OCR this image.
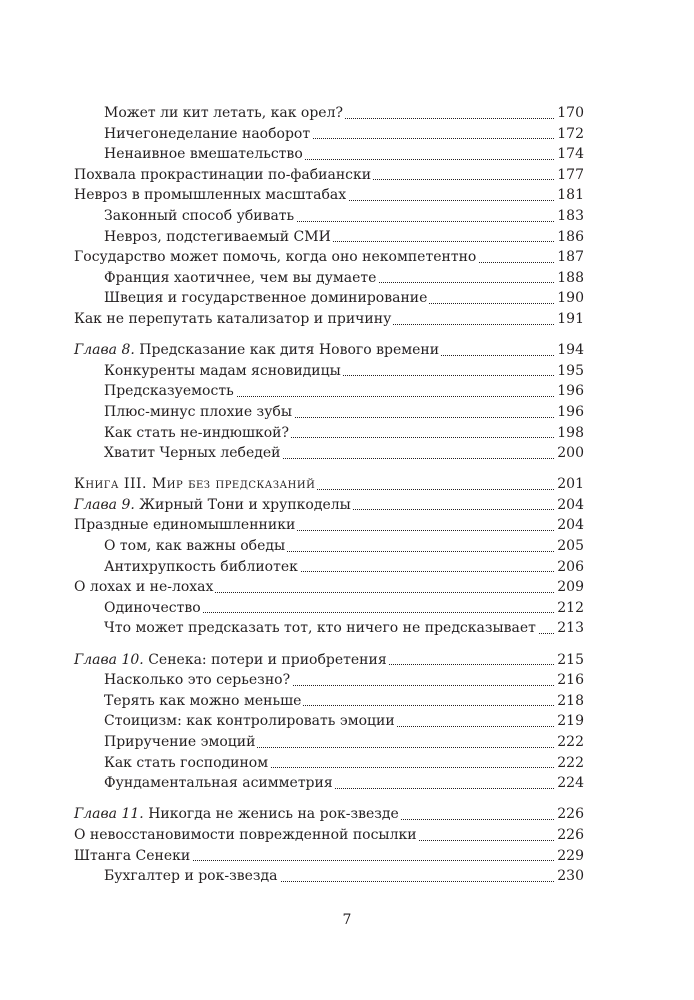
Может ли кит летать, как орел?	170
Ничегонеделание наоборот	172
Ненаивное вмешательство	174
Похвала прокрастинации по-фабиански	177
Невроз в промышленных масштабах	181
Законный способ убивать	183
Невроз, подстегиваемый СМИ	186
Государство может помочь, когда оно некомпетентно	187
Франция хаотичнее, чем вы думаете	188
Швеция и государственное доминирование	190
Как не перепутать катализатор и причину	191
Глава 8. Предсказание как дитя Нового времени	194
Конкуренты мадам ясновидицы	195
Предсказуемость	196
Плюс-минус плохие зубы	196
Как стать не-индюшкой?	198
Хватит Черных лебедей	200
Книга III. Мир без предсказаний	201
Глава 9. Жирный Тони и хрупкоделы	204
Праздные единомышленники	204
О том, как важны обеды	205
Антихрупкость библиотек	206
О лохах и не-лохах	209
Одиночество	212
Что может предсказать тот, кто ничего не предсказывает 213
Глава 10. Сенека: потери и приобретения	215
Насколько это серьезно?	216
Терять как можно меньше	218
Стоицизм: как контролировать эмоции	219
Приручение эмоций	222
Как стать господином	222
Фундаментальная асимметрия	224
Глава 11. Никогда не женись на рок-звезде	226
О невосстановимости поврежденной посылки	226
Штанга Сенеки	229
Бухгалтер и рок-звезда	230
7
